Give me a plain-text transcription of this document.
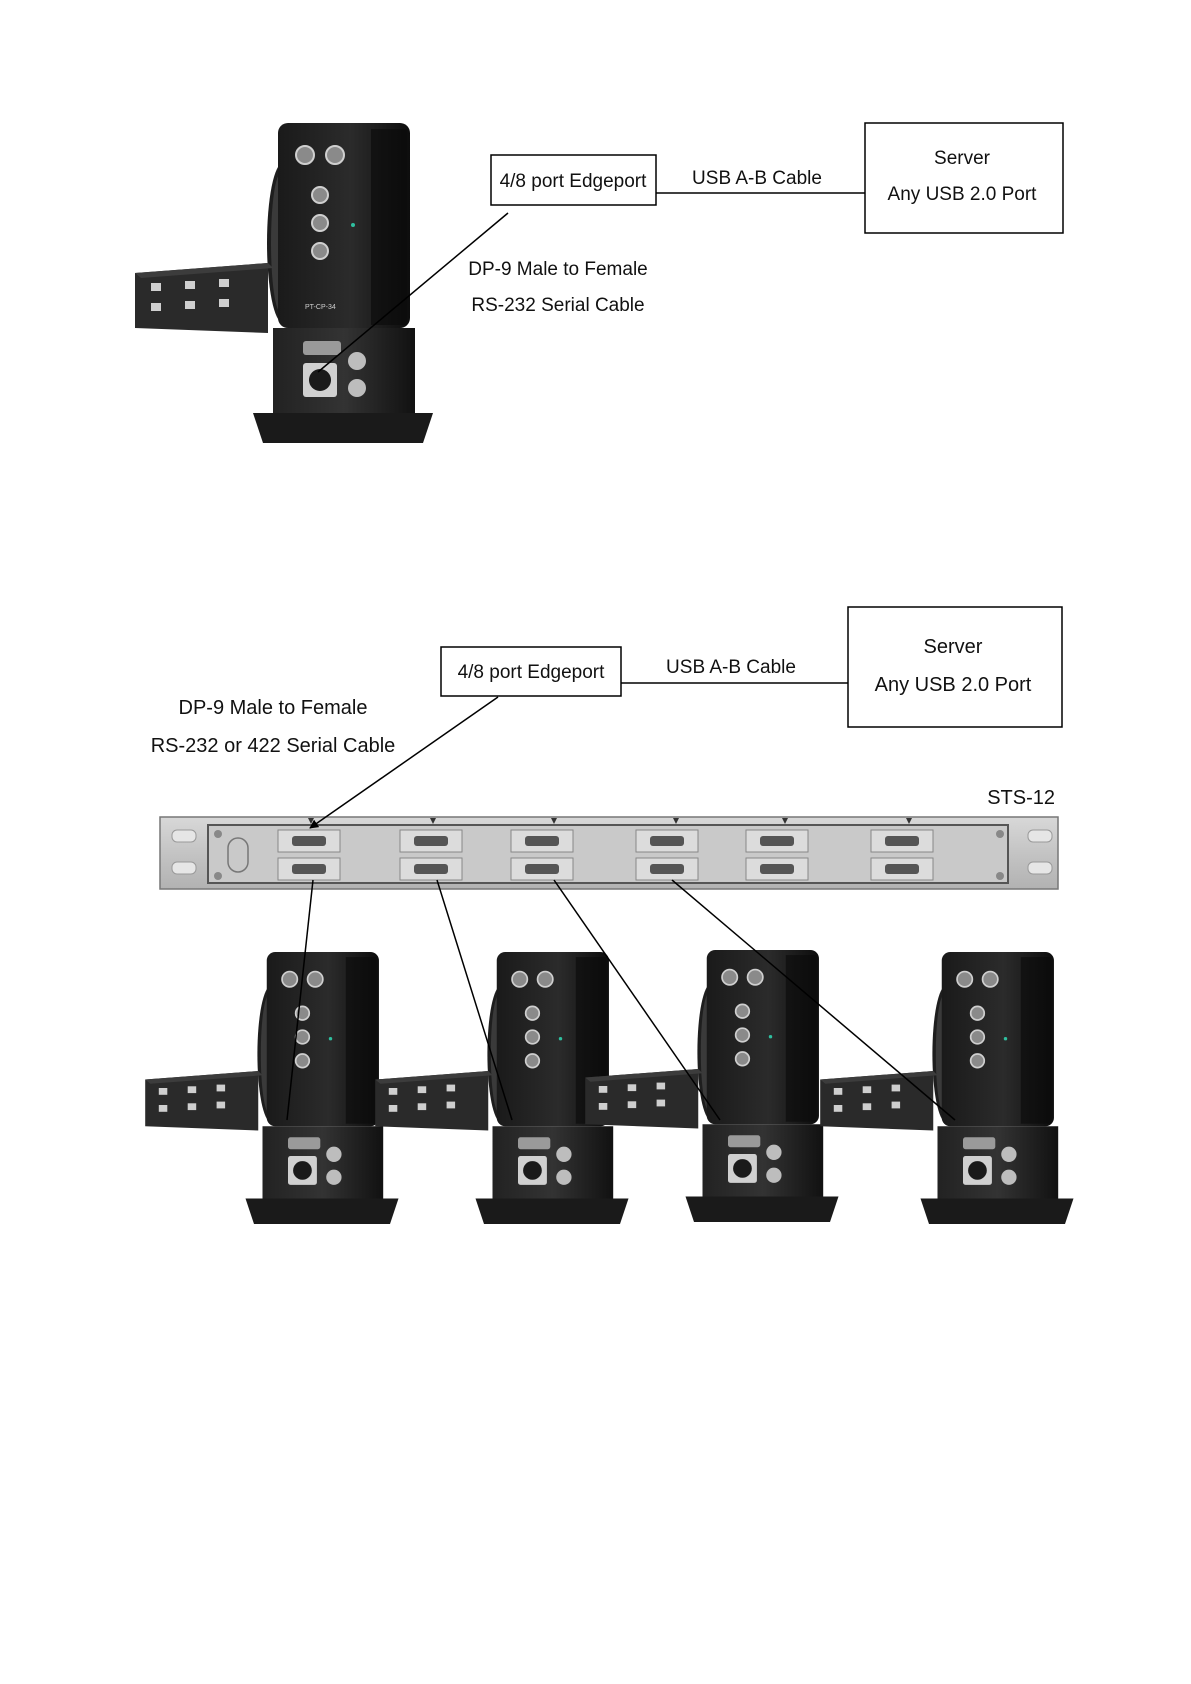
PT-CP-34
4/8 port Edgeport USB A-B Cable
Server
Any USB 2.0 Port
DP-9 Male to Female
RS-232 Serial Cable
4/8 port Edgeport	USB A-B Cable
Server
Any USB 2.0 Port
DP-9 Male to Female
RS-232 or 422 Serial Cable
STS-12
